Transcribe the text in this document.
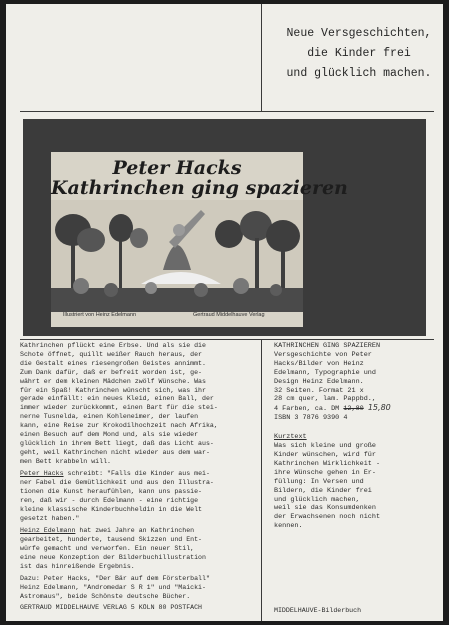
Neue Versgeschichten,
die Kinder frei
und glücklich machen.
Peter Hacks
Kathrinchen ging spazieren
Illustriert von Heinz Edelmann	Gertraud Middelhauve Verlag

Kathrinchen pflückt eine Erbse. Und als sie die
Schote öffnet, quillt weißer Rauch heraus, der
die Gestalt eines riesengroßen Geistes annimmt.
Zum Dank dafür, daß er befreit worden ist, ge-
währt er dem kleinen Mädchen zwölf Wünsche. Was
für ein Spaß! Kathrinchen wünscht sich, was ihr
gerade einfällt: ein neues Kleid, einen Ball, der
immer wieder zurückkommt, einen Bart für die stei-
nerne Tusnelda, einen Kohleneimer, der laufen
kann, eine Reise zur Krokodilhochzeit nach Afrika,
einen Besuch auf dem Mond und, als sie wieder
glücklich in ihrem Bett liegt, daß das Licht aus-
geht, weil Kathrinchen nicht wieder aus dem war-
men Bett krabbeln will.

Peter Hacks schreibt: "Falls die Kinder aus mei-
ner Fabel die Gemütlichkeit und aus den Illustra-
tionen die Kunst heraufühlen, kann uns passie-
ren, daß wir - durch Edelmann - eine richtige
kleine klassische Kinderbuchheldin in die Welt
gesetzt haben."

Heinz Edelmann hat zwei Jahre an Kathrinchen
gearbeitet, hunderte, tausend Skizzen und Ent-
würfe gemacht und verworfen. Ein neuer Stil,
eine neue Konzeption der Bilderbuchillustration
ist das hinreißende Ergebnis.

Dazu: Peter Hacks, "Der Bär auf dem Försterball"
Heinz Edelmann, "Andromedar S R 1" und "Maicki-
Astromaus", beide Schönste deutsche Bücher.

KATHRINCHEN GING SPAZIEREN
Versgeschichte von Peter
Hacks/Bilder von Heinz
Edelmann, Typographie und
Design Heinz Edelmann.
32 Seiten. Format 21 x
28 cm quer, lam. Pappbd.,
4 Farben, ca. DM 12,80 15,80

ISBN 3 7876 9390 4

Kurztext

Was sich kleine und große
Kinder wünschen, wird für
Kathrinchen Wirklichkeit -
ihre Wünsche gehen in Er-
füllung: In Versen und
Bildern, die Kinder frei
und glücklich machen,
weil sie das Konsumdenken
der Erwachsenen noch nicht
kennen.

GERTRAUD MIDDELHAUVE VERLAG 5 KÖLN 80 POSTFACH	MIDDELHAUVE-Bilderbuch
